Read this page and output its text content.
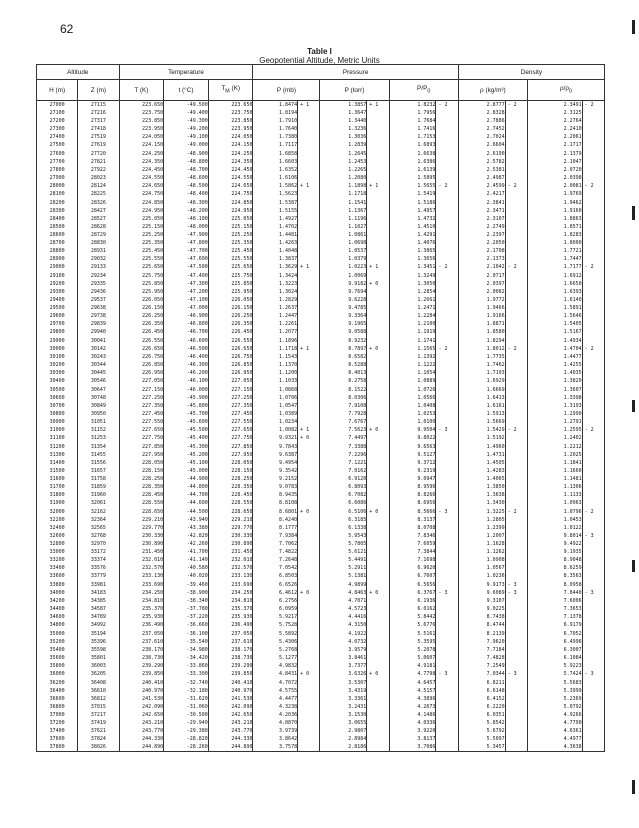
62
Table I
Geopotential Altitude, Metric Units
Altitude		Temperature			Pressure						Density			
H (m)	Z (m)	T (K)	t (°C)	$T_M$ (K)	P (mb)		P (torr)		$P/P_0$		ρ (kg/m³)		$\rho/\rho_0$
27000	27115	223.650	-49.500	223.650	1.8474	+ 1	1.3857	+ 1	1.8232	- 2	2.8777	- 2	2.3491	- 2
27100	27216	223.750	-49.400	223.750	1.8194		1.3647		1.7956		2.8328		2.3125	
27200	27317	223.850	-49.300	223.850	1.7910		1.3440		1.7684		2.7886		2.2764	
27300	27418	223.950	-49.200	223.950	1.7640		1.3236		1.7416		2.7452		2.2410	
27400	27519	224.050	-49.100	224.050	1.7380		1.3036		1.7153		2.7024		2.2061	
27500	27619	224.150	-49.000	224.150	1.7117		1.2839		1.6893		2.6604		2.1717	
27600	27720	224.250	-48.900	224.250	1.6858		1.2645		1.6638		2.6190		2.1379	
27700	27821	224.350	-48.800	224.350	1.6603		1.2453		1.6386		2.5782		2.1047	
27800	27922	224.450	-48.700	224.450	1.6352		1.2265		1.6139		2.5381		2.0720	
27900	28023	224.550	-48.600	224.550	1.6106		1.2080		1.5895		2.4987		2.0398	
28000	28124	224.650	-48.500	224.650	1.5862	+ 1	1.1898	+ 1	1.5655	- 2	2.4599	- 2	2.0081	- 2
28100	28225	224.750	-48.400	224.750	1.5623		1.1718		1.5419		2.4217		1.9769	
28200	28326	224.850	-48.300	224.850	1.5387		1.1541		1.5186		2.3841		1.9462	
28300	28427	224.950	-48.200	224.950	1.5155		1.1367		1.4957		2.3471		1.9160	
28400	28527	225.050	-48.100	225.050	1.4927		1.1196		1.4732		2.3107		1.8863	
28500	28628	225.150	-48.000	225.150	1.4702		1.1027		1.4510		2.2749		1.8571	
28600	28729	225.250	-47.900	225.250	1.4481		1.0861		1.4291		2.2397		1.8283	
28700	28830	225.350	-47.800	225.350	1.4263		1.0698		1.4076		2.2050		1.8000	
28800	28931	225.450	-47.700	225.450	1.4048		1.0537		1.3865		2.1708		1.7721	
28900	29032	225.550	-47.600	225.550	1.3837		1.0379		1.3656		2.1373		1.7447	
29000	29133	225.650	-47.500	225.650	1.3629	+ 1	1.0223	+ 1	1.3451	- 2	2.1042	- 2	1.7177	- 2
29100	29234	225.750	-47.400	225.750	1.3424		1.0069		1.3249		2.0717		1.6912	
29200	29335	225.850	-47.300	225.850	1.3223		9.9182	+ 0	1.3050		2.0397		1.6650	
29300	29436	225.950	-47.200	225.950	1.3024		9.7694		1.2854		2.0082		1.6393	
29400	29537	226.050	-47.100	226.050	1.2829		9.6228		1.2661		1.9772		1.6140	
29500	29638	226.150	-47.000	226.150	1.2637		9.4785		1.2471		1.9466		1.5891	
29600	29738	226.250	-46.900	226.250	1.2447		9.3364		1.2284		1.9166		1.5646	
29700	29839	226.350	-46.800	226.350	1.2261		9.1965		1.2100		1.8871		1.5405	
29800	29940	226.450	-46.700	226.450	1.2077		9.0588		1.1919		1.8580		1.5167	
29900	30041	226.550	-46.600	226.550	1.1896		8.9232		1.1741		1.8294		1.4934	
30000	30142	226.650	-46.500	226.650	1.1718	+ 1	8.7897	+ 0	1.1565	- 2	1.8012	- 2	1.4704	- 2
30100	30243	226.750	-46.400	226.750	1.1543		8.6582		1.1392		1.7735		1.4477	
30200	30344	226.850	-46.300	226.850	1.1370		8.5288		1.1222		1.7462		1.4255	
30300	30445	226.950	-46.200	226.950	1.1200		8.4013		1.1054		1.7193		1.4035	
30400	30546	227.050	-46.100	227.050	1.1033		8.2758		1.0889		1.6929		1.3820	
30500	30647	227.150	-46.000	227.150	1.0868		8.1522		1.0726		1.6669		1.3607	
30600	30748	227.250	-45.900	227.250	1.0706		8.0306		1.0566		1.6413		1.3398	
30700	30849	227.350	-45.800	227.350	1.0547		7.9108		1.0408		1.6161		1.3193	
30800	30950	227.450	-45.700	227.450	1.0389		7.7928		1.0253		1.5913		1.2990	
30900	31051	227.550	-45.600	227.550	1.0234		7.6767		1.0100		1.5669		1.2791	
31000	31152	227.650	-45.500	227.650	1.0082	+ 1	7.5623	+ 0	9.9504	- 3	1.5429	- 2	1.2595	- 2
31100	31253	227.750	-45.400	227.750	9.9321	+ 0	7.4497		9.8022		1.5192		1.2402	
31200	31354	227.850	-45.300	227.850	9.7843		7.3388		9.6563		1.4960		1.2212	
31300	31455	227.950	-45.200	227.950	9.6387		7.2296		9.5127		1.4731		1.2025	
31400	31556	228.050	-45.100	228.050	9.4954		7.1221		9.3712		1.4505		1.1841	
31500	31657	228.150	-45.000	228.150	9.3542		7.0162		9.2319		1.4283		1.1660	
31600	31758	228.250	-44.900	228.250	9.2152		6.9120		9.0947		1.4065		1.1481	
31700	31859	228.350	-44.800	228.350	9.0783		6.8093		8.9596		1.3850		1.1306	
31800	31960	228.450	-44.700	228.450	8.9435		6.7082		8.8266		1.3638		1.1133	
31900	32061	228.550	-44.600	228.550	8.8108		6.6086		8.6956		1.3430		1.0963	
32000	32162	228.650	-44.500	228.650	8.6801	+ 0	6.5106	+ 0	8.5666	- 3	1.3225	- 2	1.0796	- 2
32200	32364	229.210	-43.940	229.210	8.4240		6.3185		8.3137		1.2805		1.0453	
32400	32565	229.770	-43.380	229.770	8.1777		6.1338		8.0708		1.2399		1.0122	
32600	32768	230.330	-42.820	230.330	7.9384		5.9543		7.8346		1.2007		9.8014	- 3
32800	32970	230.890	-42.260	230.890	7.7062		5.7805		7.6059		1.1628		9.4922	
33000	33172	231.450	-41.700	231.450	7.4822		5.6121		7.3844		1.1262		9.1935	
33200	33374	232.010	-41.140	232.010	7.2648		5.4491		7.1698		1.0908		8.9048	
33400	33576	232.570	-40.580	232.570	7.0542		5.2911		6.9620		1.0567		8.6259	
33600	33779	233.130	-40.020	233.130	6.8503		5.1381		6.7607		1.0236		8.3563	
33800	33981	233.690	-39.460	233.690	6.6526		4.9899		6.5656		9.9173	- 3	8.0958	
34000	34183	234.250	-38.900	234.250	6.4612	+ 0	4.8463	+ 0	6.3767	- 3	9.6089	- 3	7.8440	- 3
34200	34385	234.810	-38.340	234.810	6.2756		4.7071		6.1936		9.3107		7.6006	
34400	34587	235.370	-37.780	235.370	6.0959		4.5723		6.0162		9.0225		7.3653	
34600	34789	235.930	-37.220	235.930	5.9217		4.4416		5.8442		8.7438		7.1378	
34800	34992	236.490	-36.660	236.490	5.7528		4.3150		5.6776		8.4744		6.9179	
35000	35194	237.050	-36.100	237.050	5.5892		4.1922		5.5161		8.2139		6.7052	
35200	35396	237.610	-35.540	237.610	5.4306		4.0732		5.3595		7.9620		6.4996	
35400	35598	238.170	-34.980	238.170	5.2768		3.9579		5.2078		7.7184		6.3007	
35600	35801	238.730	-34.420	238.730	5.1277		3.8461		5.0607		7.4828		6.1084	
35800	36003	239.290	-33.860	239.290	4.9832		3.7377		4.9181		7.2549		5.9223	
36000	36205	239.850	-33.300	239.850	4.8431	+ 0	3.6326	+ 0	4.7798	- 3	7.0344	- 3	5.7424	- 3
36200	36408	240.410	-32.740	240.410	4.7072		3.5307		4.6457		6.8211		5.5683	
36400	36610	240.970	-32.180	240.970	4.5755		3.4319		4.5157		6.6148		5.3999	
36600	36812	241.530	-31.620	241.530	4.4477		3.3361		4.3896		6.4152		5.2369	
36800	37015	242.090	-31.060	242.090	4.3238		3.2431		4.2673		6.2220		5.0792	
37000	37217	242.650	-30.500	242.650	4.2036		3.1530		4.1486		6.0351		4.9266	
37200	37419	243.210	-29.940	243.210	4.0870		3.0655		4.0336		5.8542		4.7790	
37400	37621	243.770	-29.380	243.770	3.9739		2.9807		3.9220		5.6792		4.6361	
37600	37824	244.330	-28.820	244.330	3.8642		2.8984		3.8137		5.5097		4.4977	
37800	38026	244.890	-28.260	244.890	3.7578		2.8186		3.7086		5.3457		4.3638	
